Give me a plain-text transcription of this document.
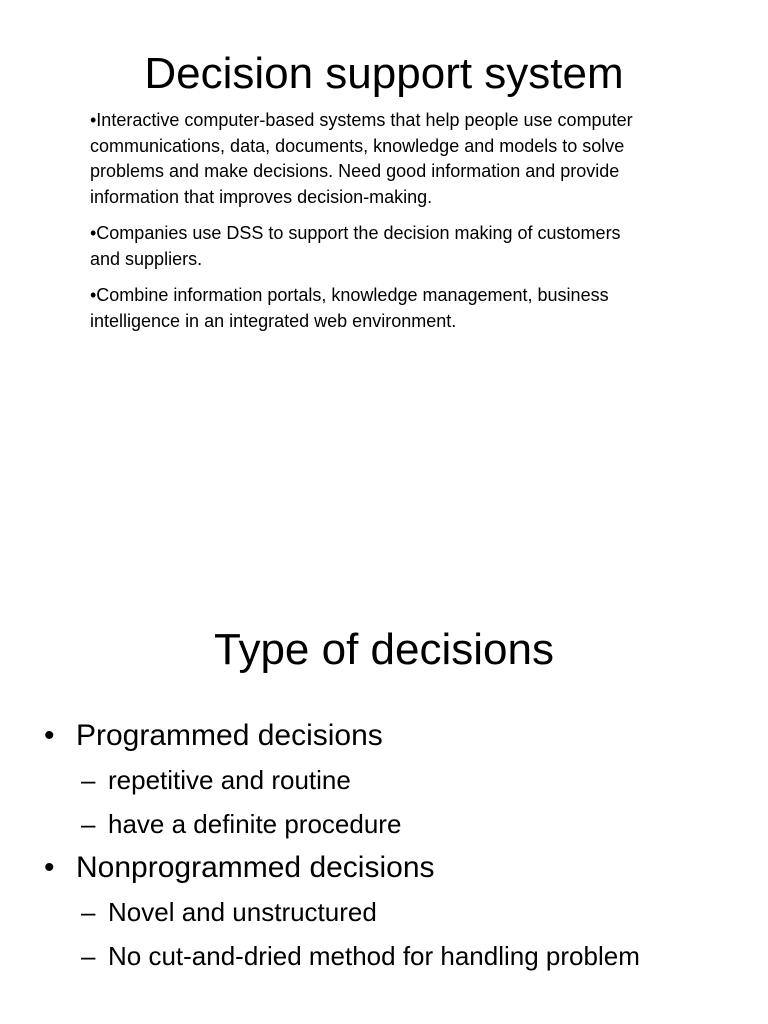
Decision support system

•Interactive computer-based systems that help people use computer communications, data, documents, knowledge and models to solve problems and make decisions. Need good information and provide information that improves decision-making.

•Companies use DSS to support the decision making of customers and suppliers.

•Combine information portals, knowledge management, business intelligence in an integrated web environment.

Type of decisions
• Programmed decisions
– repetitive and routine
– have a definite procedure
• Nonprogrammed decisions
– Novel and unstructured
– No cut-and-dried method for handling problem
